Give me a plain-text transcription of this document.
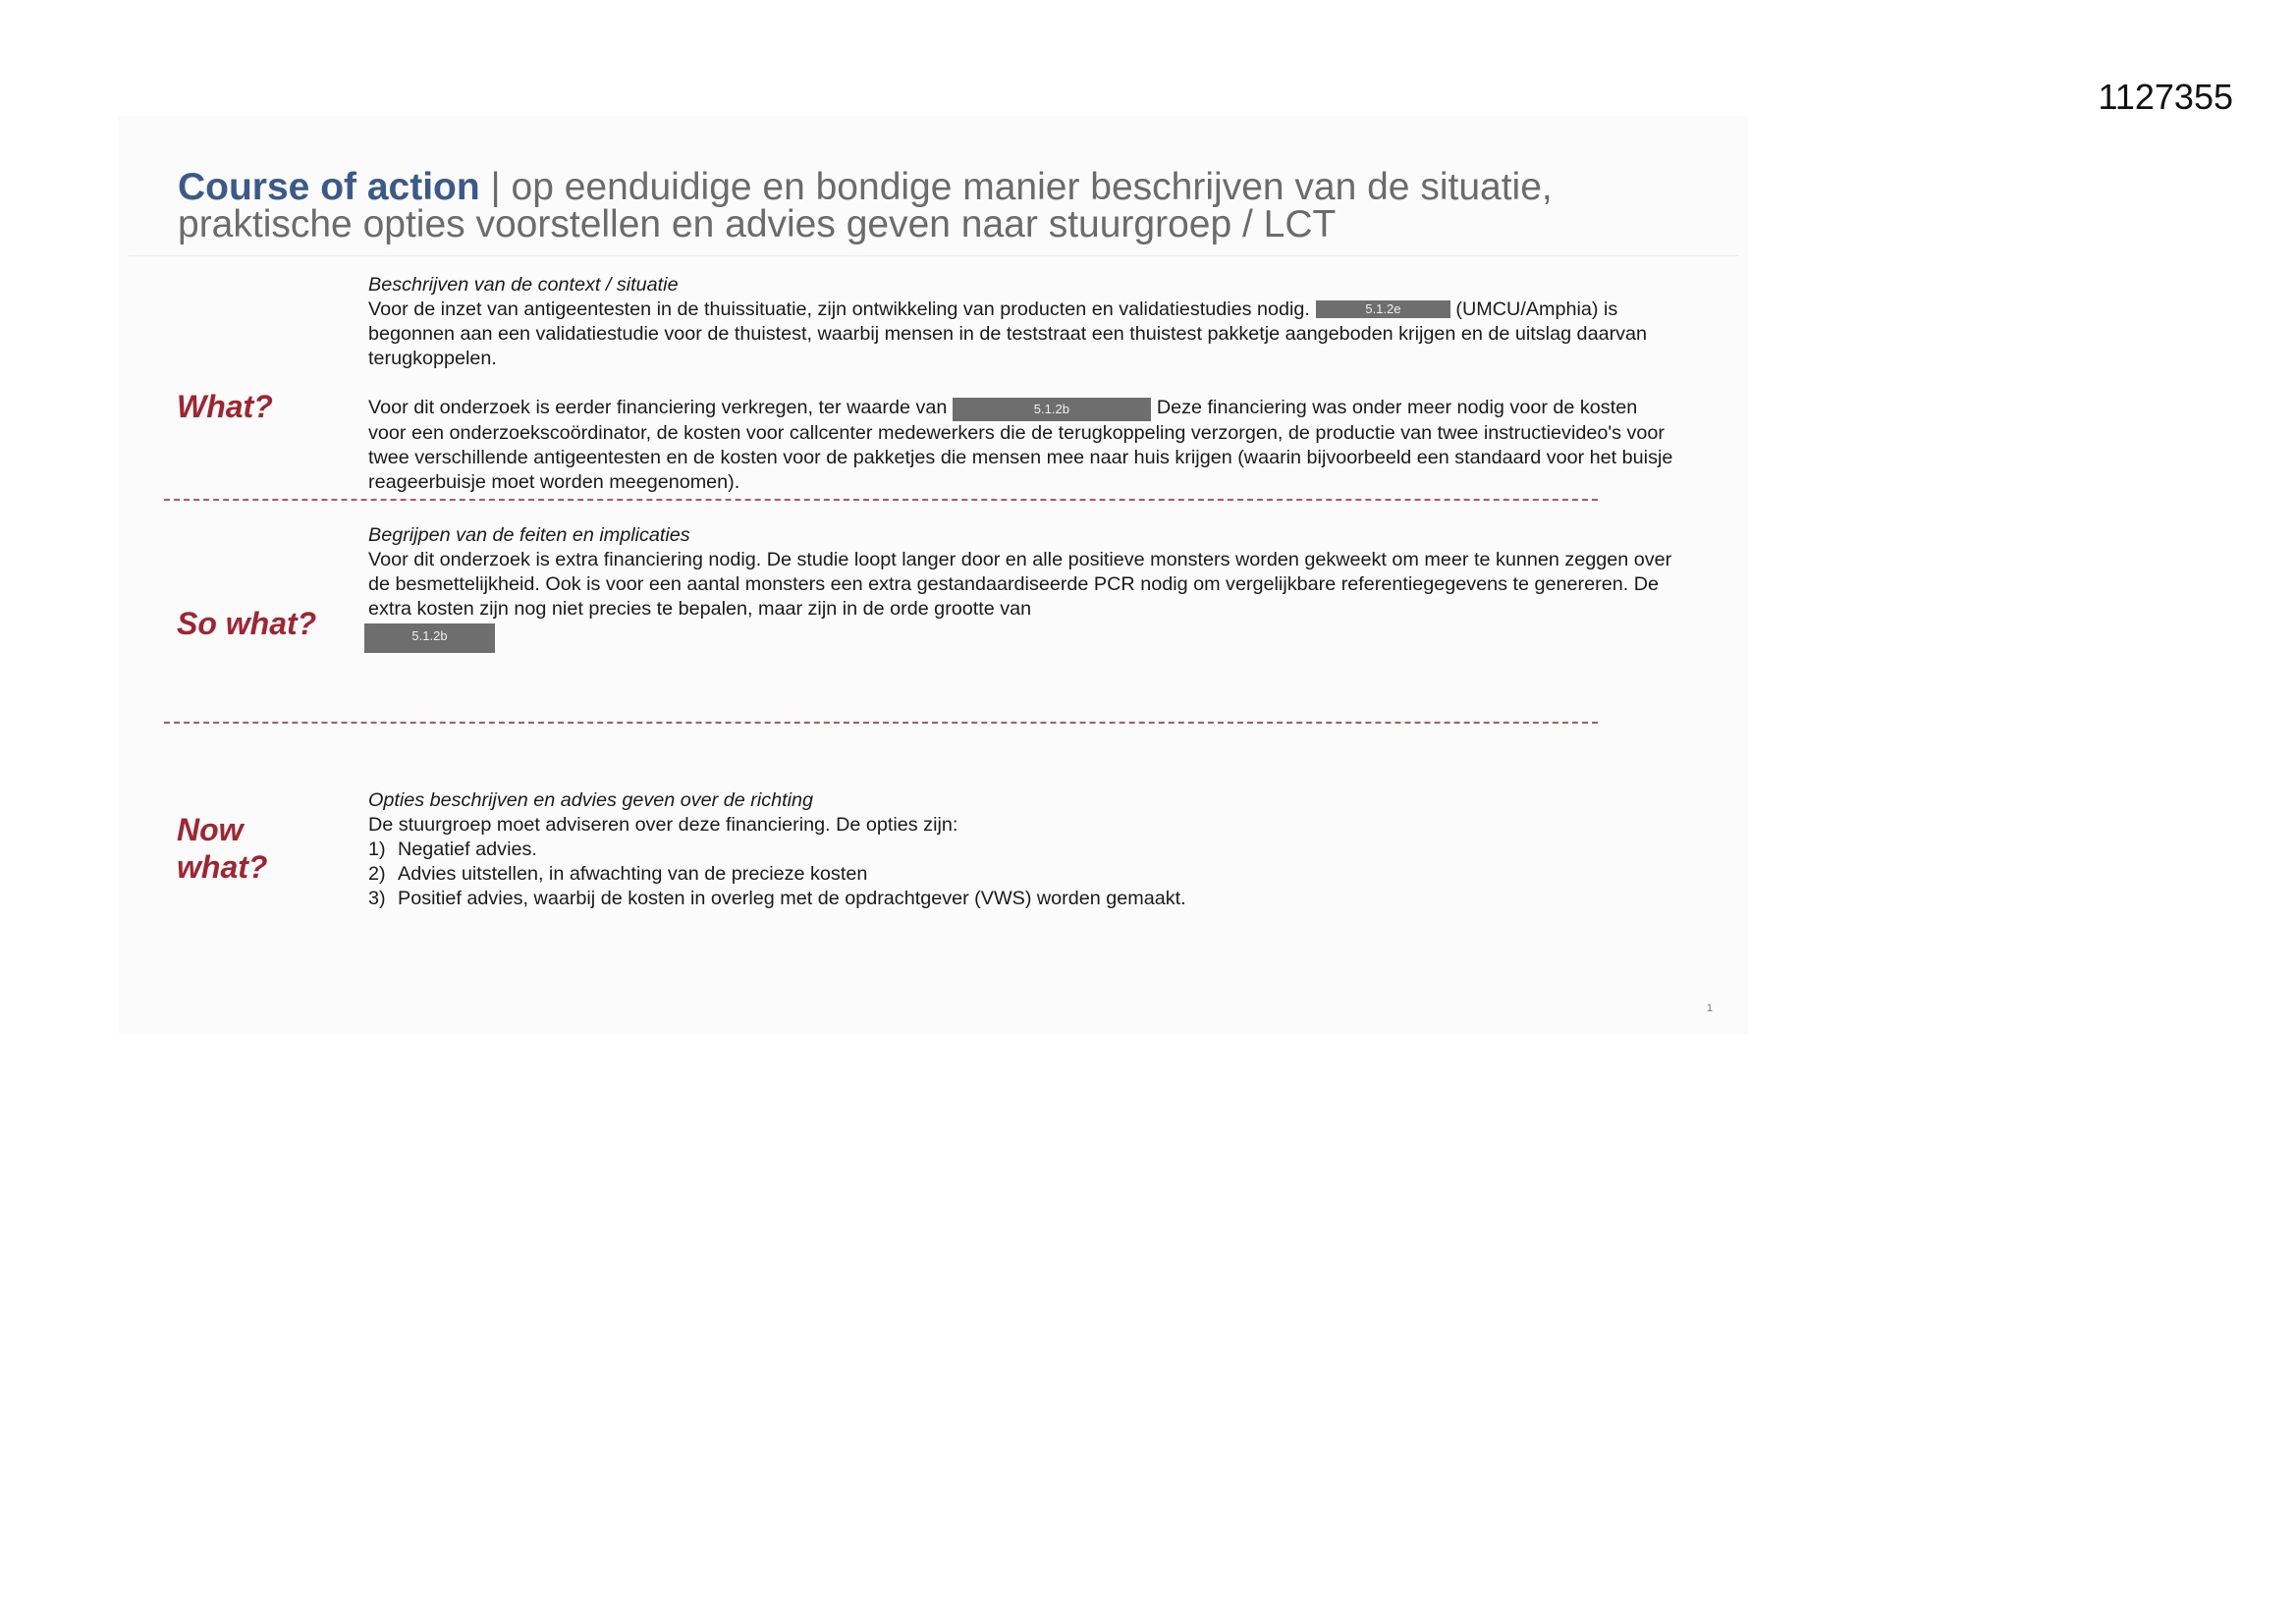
1127355
Course of action | op eenduidige en bondige manier beschrijven van de situatie, praktische opties voorstellen en advies geven naar stuurgroep / LCT
What?
Beschrijven van de context / situatie

Voor de inzet van antigeentesten in de thuissituatie, zijn ontwikkeling van producten en validatiestudies nodig.	5.1.2e	(UMCU/Amphia) is begonnen aan een validatiestudie voor de thuistest, waarbij mensen in de teststraat een thuistest pakketje aangeboden krijgen en de uitslag daarvan terugkoppelen.

Voor dit onderzoek is eerder financiering verkregen, ter waarde van	5.1.2b	Deze financiering was onder meer nodig voor de kosten voor een onderzoekscoördinator, de kosten voor callcenter medewerkers die de terugkoppeling verzorgen, de productie van twee instructievideo's voor twee verschillende antigeentesten en de kosten voor de pakketjes die mensen mee naar huis krijgen (waarin bijvoorbeeld een standaard voor het buisje reageerbuisje moet worden meegenomen).

So what?
Begrijpen van de feiten en implicaties

Voor dit onderzoek is extra financiering nodig. De studie loopt langer door en alle positieve monsters worden gekweekt om meer te kunnen zeggen over de besmettelijkheid. Ook is voor een aantal monsters een extra gestandaardiseerde PCR nodig om vergelijkbare referentiegegevens te genereren. De extra kosten zijn nog niet precies te bepalen, maar zijn in de orde grootte van

5.1.2b
Now
what?
Opties beschrijven en advies geven over de richting
De stuurgroep moet adviseren over deze financiering. De opties zijn:
1) Negatief advies.
2) Advies uitstellen, in afwachting van de precieze kosten
3) Positief advies, waarbij de kosten in overleg met de opdrachtgever (VWS) worden gemaakt.
1
